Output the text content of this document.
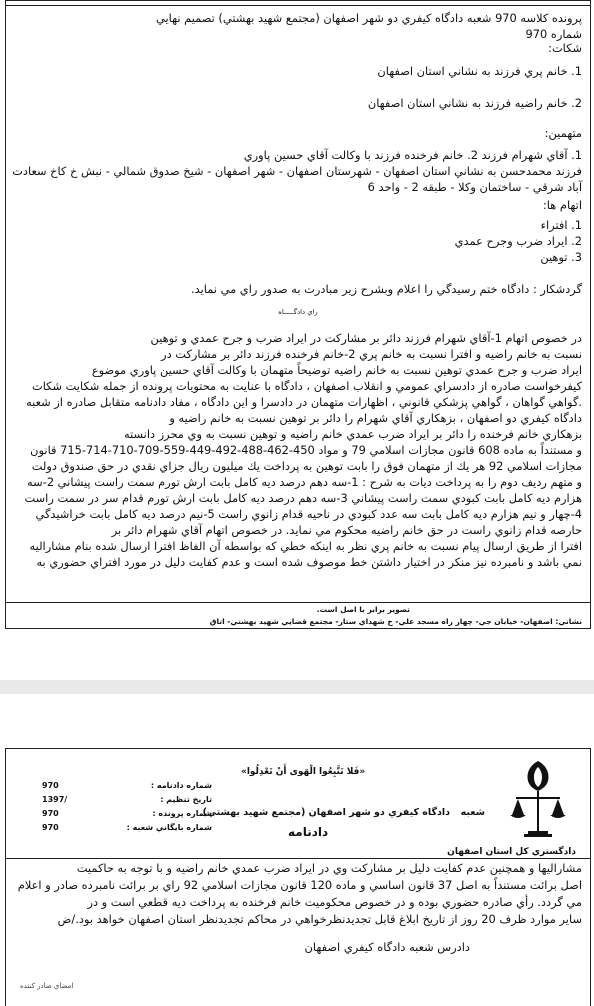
پرونده كلاسه 970 شعبه دادگاه كيفري دو شهر اصفهان (مجتمع شهيد بهشتي) تصميم نهايي
شماره 970
شكات:
1. خانم پري فرزند به نشاني استان اصفهان
2. خانم راضيه فرزند به نشاني استان اصفهان
متهمين:
1. آقاي شهرام فرزند 2. خانم فرخنده فرزند با وكالت آقاي حسين پاوري
فرزند محمدحسن به نشاني استان اصفهان - شهرستان اصفهان - شهر اصفهان - شيخ صدوق شمالي - نبش خ كاخ سعادت
آباد شرقي - ساختمان وكلا - طبقه 2 - واحد 6
اتهام ها:
1. افتراء
2. ايراد ضرب وجرح عمدي
3. توهين
گردشكار : دادگاه ختم رسيدگي را اعلام وبشرح زير مبادرت به صدور راي مي نمايد.
راي دادگـــــاه
در خصوص اتهام 1-آقاي شهرام فرزند دائر بر مشاركت در ايراد ضرب و جرح عمدي و توهين
نسبت به خانم راضيه و افترا نسبت به خانم پري 2-خانم فرخنده فرزند دائر بر مشاركت در
ايراد ضرب و جرح عمدي توهين نسبت به خانم راضيه توضيحاً متهمان با وكالت آقاي حسين پاوري موضوع
كيفرخواست صادره از دادسراي عمومي و انقلاب اصفهان ، دادگاه با عنايت به محتويات پرونده از جمله شكايت شكات
.گواهي گواهان ، گواهي پزشكي قانوني ، اظهارات متهمان در دادسرا و اين دادگاه ، مفاد دادنامه متقابل صادره از شعبه
دادگاه كيفري دو اصفهان ، بزهكاري آقاي شهرام را دائر بر توهين نسبت به خانم راضيه و
بزهكاري خانم فرخنده را دائر بر ايراد ضرب عمدي خانم راضيه و توهين نسبت به وي محرز دانسته
و مستنداً به ماده 608 قانون مجازات اسلامي 79 و مواد 450-462-488-492-449-559-709-710-714-715 قانون
مجازات اسلامي 92 هر يك از متهمان فوق را بابت توهين به پرداخت يك ميليون ريال جزاي نقدي در حق صندوق دولت
و متهم رديف دوم را به پرداخت ديات به شرح : 1-سه دهم درصد ديه كامل بابت ارش تورم سمت راست پيشاني 2-سه
هزارم ديه كامل بابت كبودي سمت راست پيشاني 3-سه دهم درصد ديه كامل بابت ارش تورم قدام سر در سمت راست
4-چهار و نيم هزارم ديه كامل بابت سه عدد كبودي در ناحيه قدام زانوي راست 5-نيم درصد ديه كامل بابت خراشيدگي
حارصه قدام زانوي راست در حق خانم راضيه محكوم مي نمايد. در خصوص اتهام آقاي شهرام دائر بر
افترا از طريق ارسال پيام نسبت به خانم پري نظر به اينكه خطي كه بواسطه آن الفاظ افترا ارسال شده بنام مشاراليه
نمي باشد و نامبرده نيز منكر در اختيار داشتن خط موصوف شده است و عدم كفايت دليل در مورد افتراي حضوري به
تصوير برابر با اصل است.
نشاني: اصفهان- خيابان جي- چهار راه مسجد علي- خ شهداي ستار- مجتمع قضايي شهيد بهشتي- اتاق
«فَلا تَتَّبِعُوا الْهَوى أَنْ تَعْدِلُوا»
شعبه
دادگاه كيفري دو شهر اصفهان (مجتمع شهيد بهشتي)
دادنامه
دادگستري كل استان اصفهان
شماره دادنامه :
970
تاريخ تنظيم :
1397/
شماره پرونده :
970
شماره بايگاني شعبه :
970
مشاراليها و همچنين عدم كفايت دليل بر مشاركت وي در ايراد ضرب عمدي خانم راضيه و با توجه به حاكميت
اصل برائت مستنداً به اصل 37 قانون اساسي و ماده 120 قانون مجازات اسلامي 92 راي بر برائت نامبرده صادر و اعلام
مي گردد. رأي صادره حضوري بوده و در خصوص محكوميت خانم فرخنده به پرداخت ديه قطعي است و در
ساير موارد ظرف 20 روز از تاريخ ابلاغ قابل تجديدنظرخواهي در محاكم تجديدنظر استان اصفهان خواهد بود./ض
دادرس شعبه دادگاه كيفري اصفهان
امضاي صادر كننده
